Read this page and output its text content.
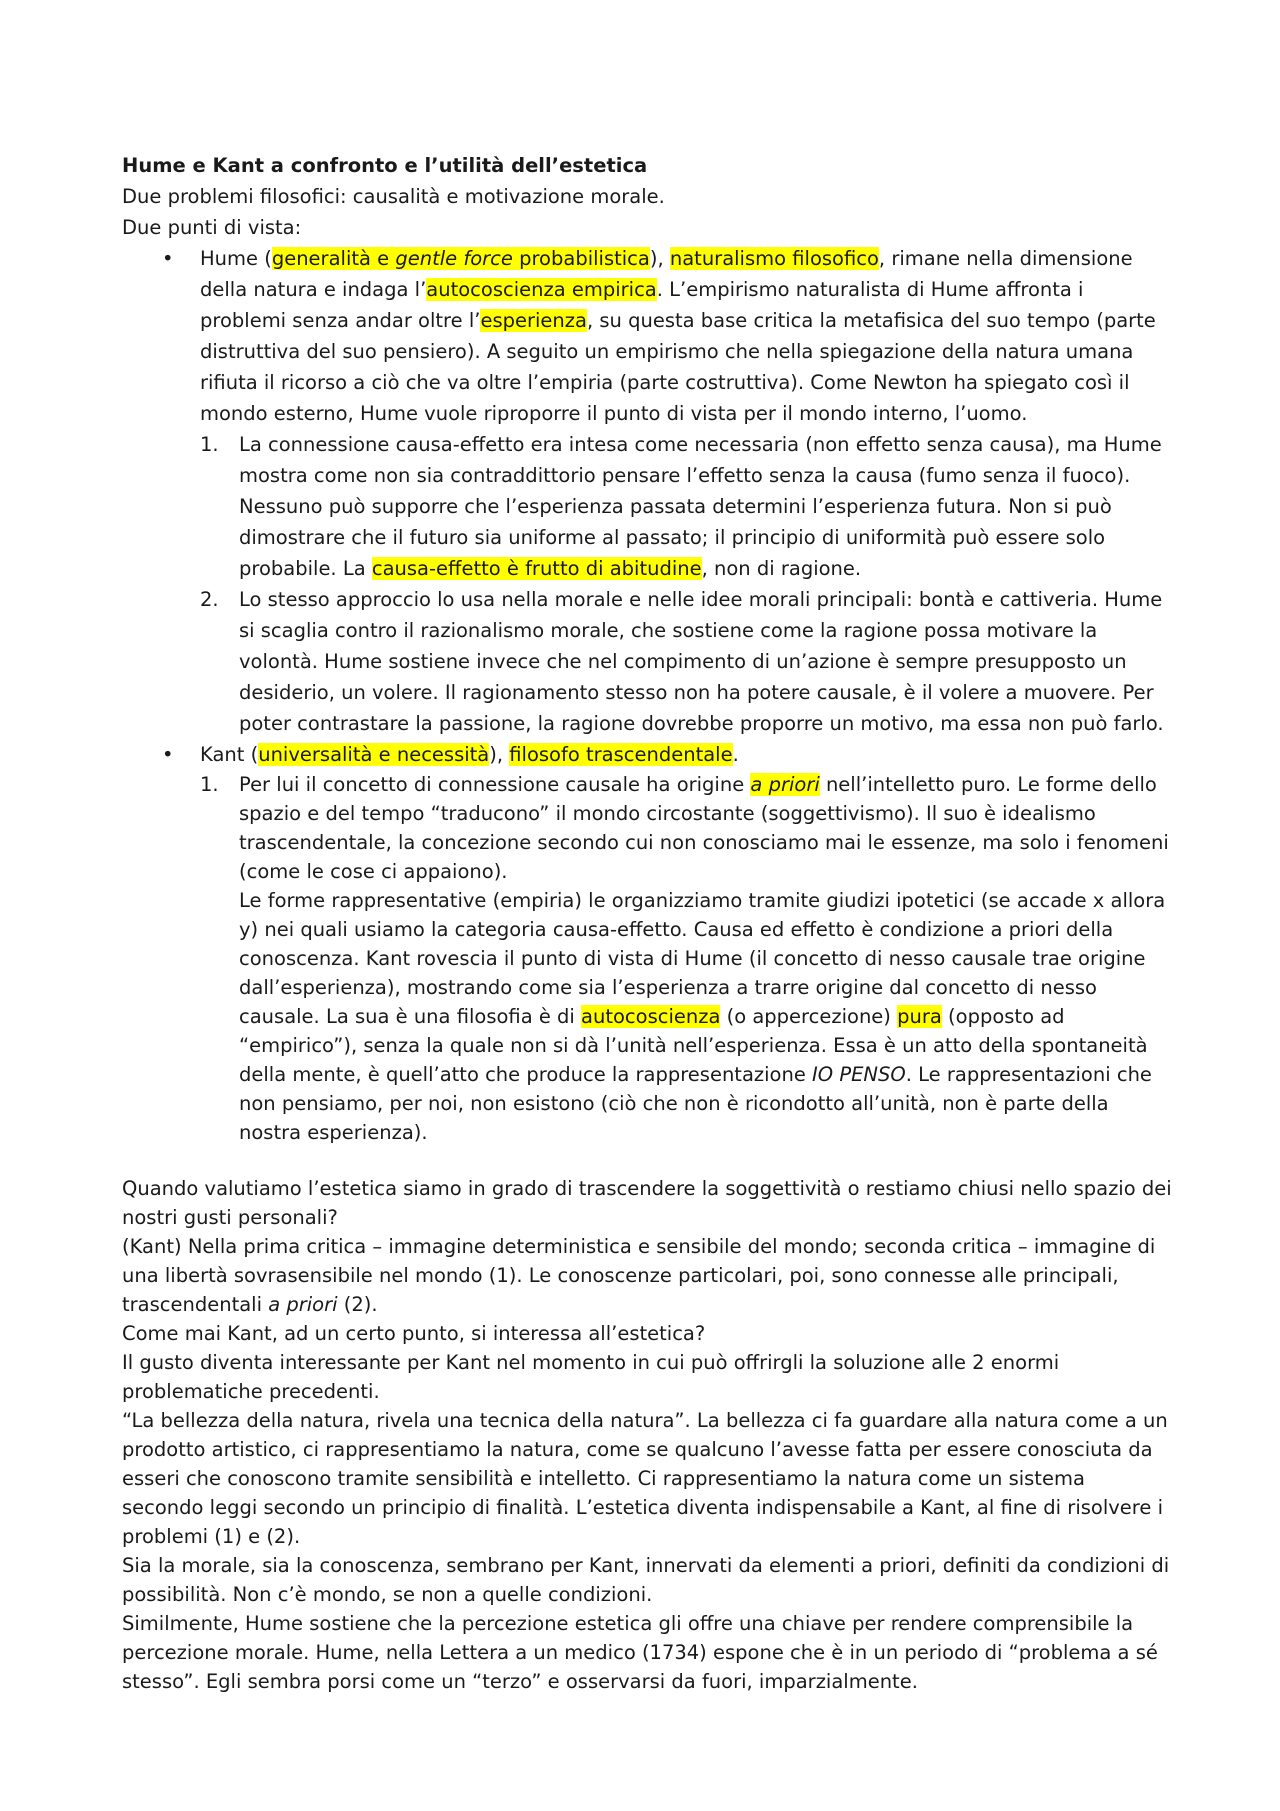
Hume e Kant a confronto e l’utilità dell’estetica

Due problemi filosofici: causalità e motivazione morale.

Due punti di vista:

• Hume (generalità e gentle force probabilistica), naturalismo filosofico, rimane nella dimensione della natura e indaga l’autocoscienza empirica. L’empirismo naturalista di Hume affronta i problemi senza andar oltre l’esperienza, su questa base critica la metafisica del suo tempo (parte distruttiva del suo pensiero). A seguito un empirismo che nella spiegazione della natura umana rifiuta il ricorso a ciò che va oltre l’empiria (parte costruttiva). Come Newton ha spiegato così il mondo esterno, Hume vuole riproporre il punto di vista per il mondo interno, l’uomo.
1. La connessione causa-effetto era intesa come necessaria (non effetto senza causa), ma Hume mostra come non sia contraddittorio pensare l’effetto senza la causa (fumo senza il fuoco). Nessuno può supporre che l’esperienza passata determini l’esperienza futura. Non si può dimostrare che il futuro sia uniforme al passato; il principio di uniformità può essere solo probabile. La causa-effetto è frutto di abitudine, non di ragione.
2. Lo stesso approccio lo usa nella morale e nelle idee morali principali: bontà e cattiveria. Hume si scaglia contro il razionalismo morale, che sostiene come la ragione possa motivare la volontà. Hume sostiene invece che nel compimento di un’azione è sempre presupposto un desiderio, un volere. Il ragionamento stesso non ha potere causale, è il volere a muovere. Per poter contrastare la passione, la ragione dovrebbe proporre un motivo, ma essa non può farlo.
• Kant (universalità e necessità), filosofo trascendentale.
1. Per lui il concetto di connessione causale ha origine a priori nell’intelletto puro. Le forme dello spazio e del tempo “traducono” il mondo circostante (soggettivismo). Il suo è idealismo trascendentale, la concezione secondo cui non conosciamo mai le essenze, ma solo i fenomeni (come le cose ci appaiono).
Le forme rappresentative (empiria) le organizziamo tramite giudizi ipotetici (se accade x allora y) nei quali usiamo la categoria causa-effetto. Causa ed effetto è condizione a priori della conoscenza. Kant rovescia il punto di vista di Hume (il concetto di nesso causale trae origine dall’esperienza), mostrando come sia l’esperienza a trarre origine dal concetto di nesso causale. La sua è una filosofia è di autocoscienza (o appercezione) pura (opposto ad “empirico”), senza la quale non si dà l’unità nell’esperienza. Essa è un atto della spontaneità della mente, è quell’atto che produce la rappresentazione IO PENSO. Le rappresentazioni che non pensiamo, per noi, non esistono (ciò che non è ricondotto all’unità, non è parte della nostra esperienza).

Quando valutiamo l’estetica siamo in grado di trascendere la soggettività o restiamo chiusi nello spazio dei nostri gusti personali?

(Kant) Nella prima critica – immagine deterministica e sensibile del mondo; seconda critica – immagine di una libertà sovrasensibile nel mondo (1). Le conoscenze particolari, poi, sono connesse alle principali, trascendentali a priori (2).

Come mai Kant, ad un certo punto, si interessa all’estetica?

Il gusto diventa interessante per Kant nel momento in cui può offrirgli la soluzione alle 2 enormi problematiche precedenti.

“La bellezza della natura, rivela una tecnica della natura”. La bellezza ci fa guardare alla natura come a un prodotto artistico, ci rappresentiamo la natura, come se qualcuno l’avesse fatta per essere conosciuta da esseri che conoscono tramite sensibilità e intelletto. Ci rappresentiamo la natura come un sistema secondo leggi secondo un principio di finalità. L’estetica diventa indispensabile a Kant, al fine di risolvere i problemi (1) e (2).

Sia la morale, sia la conoscenza, sembrano per Kant, innervati da elementi a priori, definiti da condizioni di possibilità. Non c’è mondo, se non a quelle condizioni.

Similmente, Hume sostiene che la percezione estetica gli offre una chiave per rendere comprensibile la percezione morale. Hume, nella Lettera a un medico (1734) espone che è in un periodo di “problema a sé stesso”. Egli sembra porsi come un “terzo” e osservarsi da fuori, imparzialmente.
